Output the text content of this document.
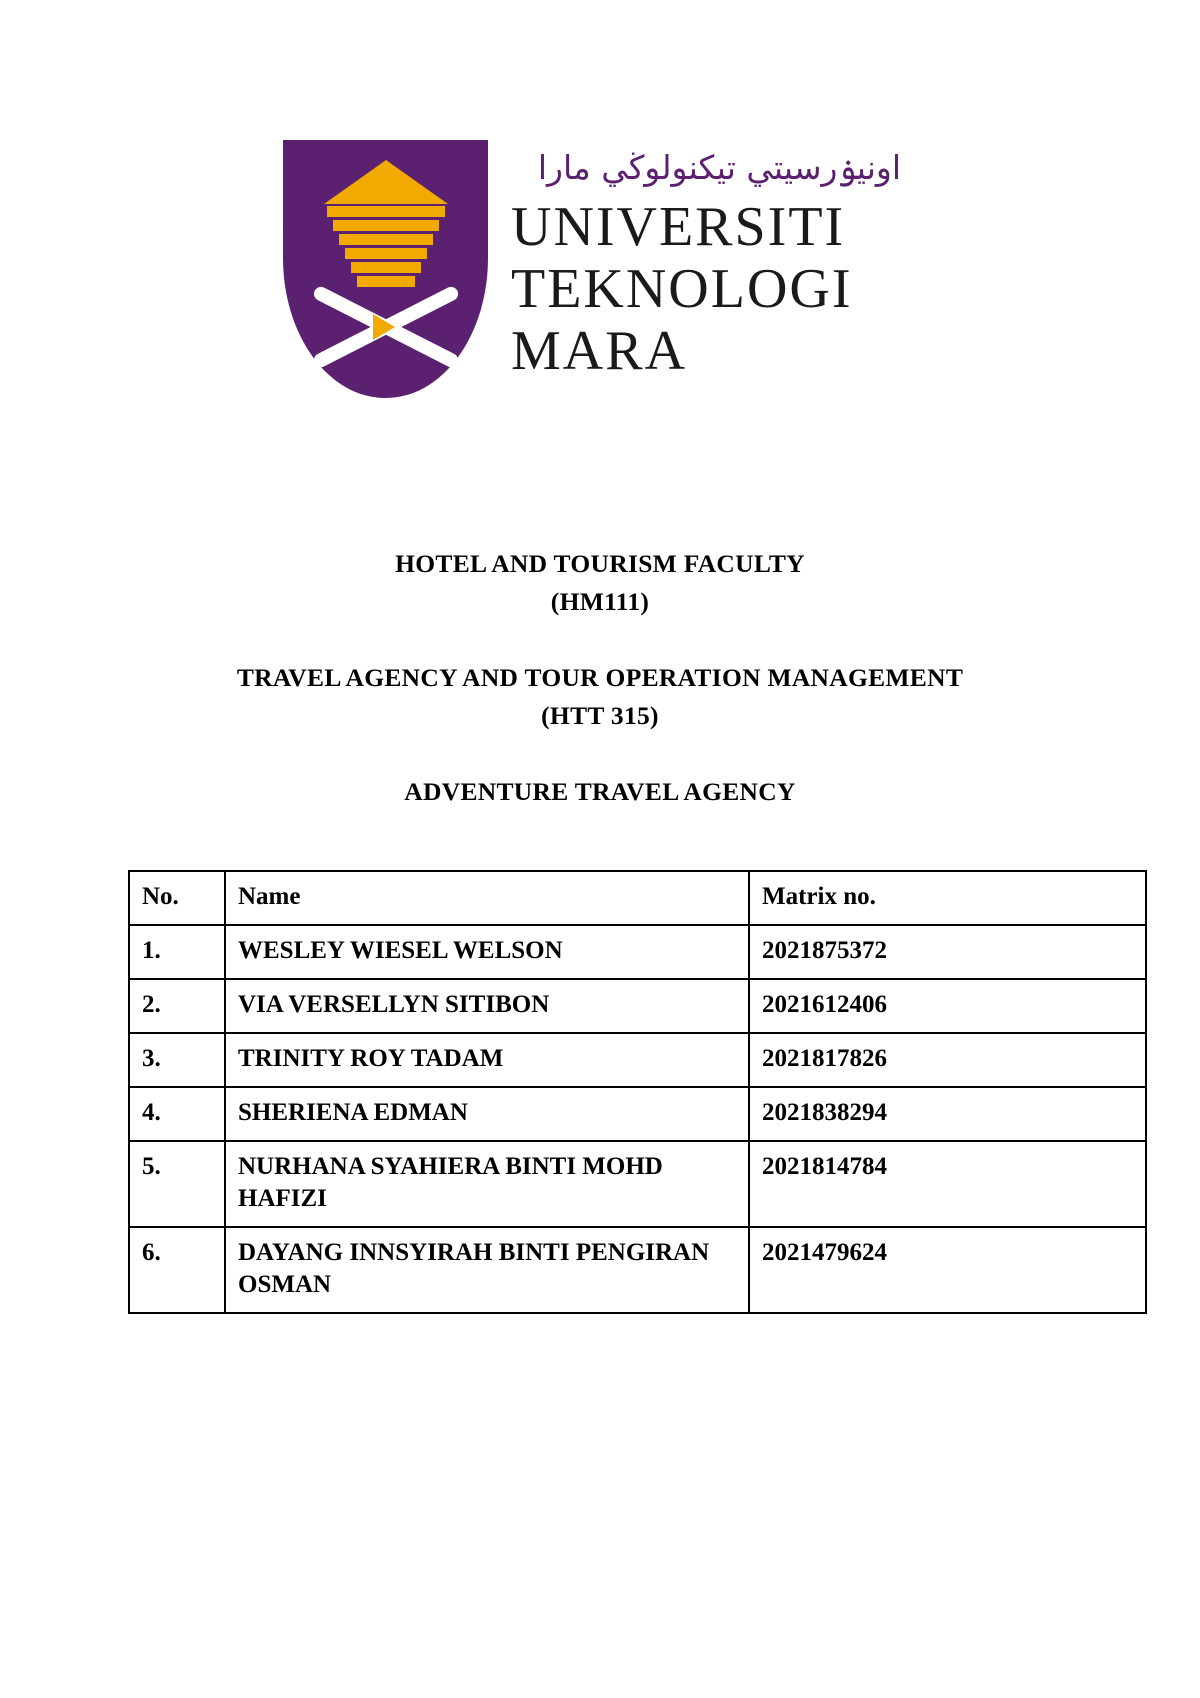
اونيۏرسيتي تيکنولوڬي مارا
UNIVERSITI
TEKNOLOGI
MARA
HOTEL AND TOURISM FACULTY
(HM111)
TRAVEL AGENCY AND TOUR OPERATION MANAGEMENT
(HTT 315)
ADVENTURE TRAVEL AGENCY
No.	Name	Matrix no.
1.	WESLEY WIESEL WELSON	2021875372
2.	VIA VERSELLYN SITIBON	2021612406
3.	TRINITY ROY TADAM	2021817826
4.	SHERIENA EDMAN	2021838294
5.	NURHANA SYAHIERA BINTI MOHD HAFIZI	2021814784
6.	DAYANG INNSYIRAH BINTI PENGIRAN OSMAN	2021479624
